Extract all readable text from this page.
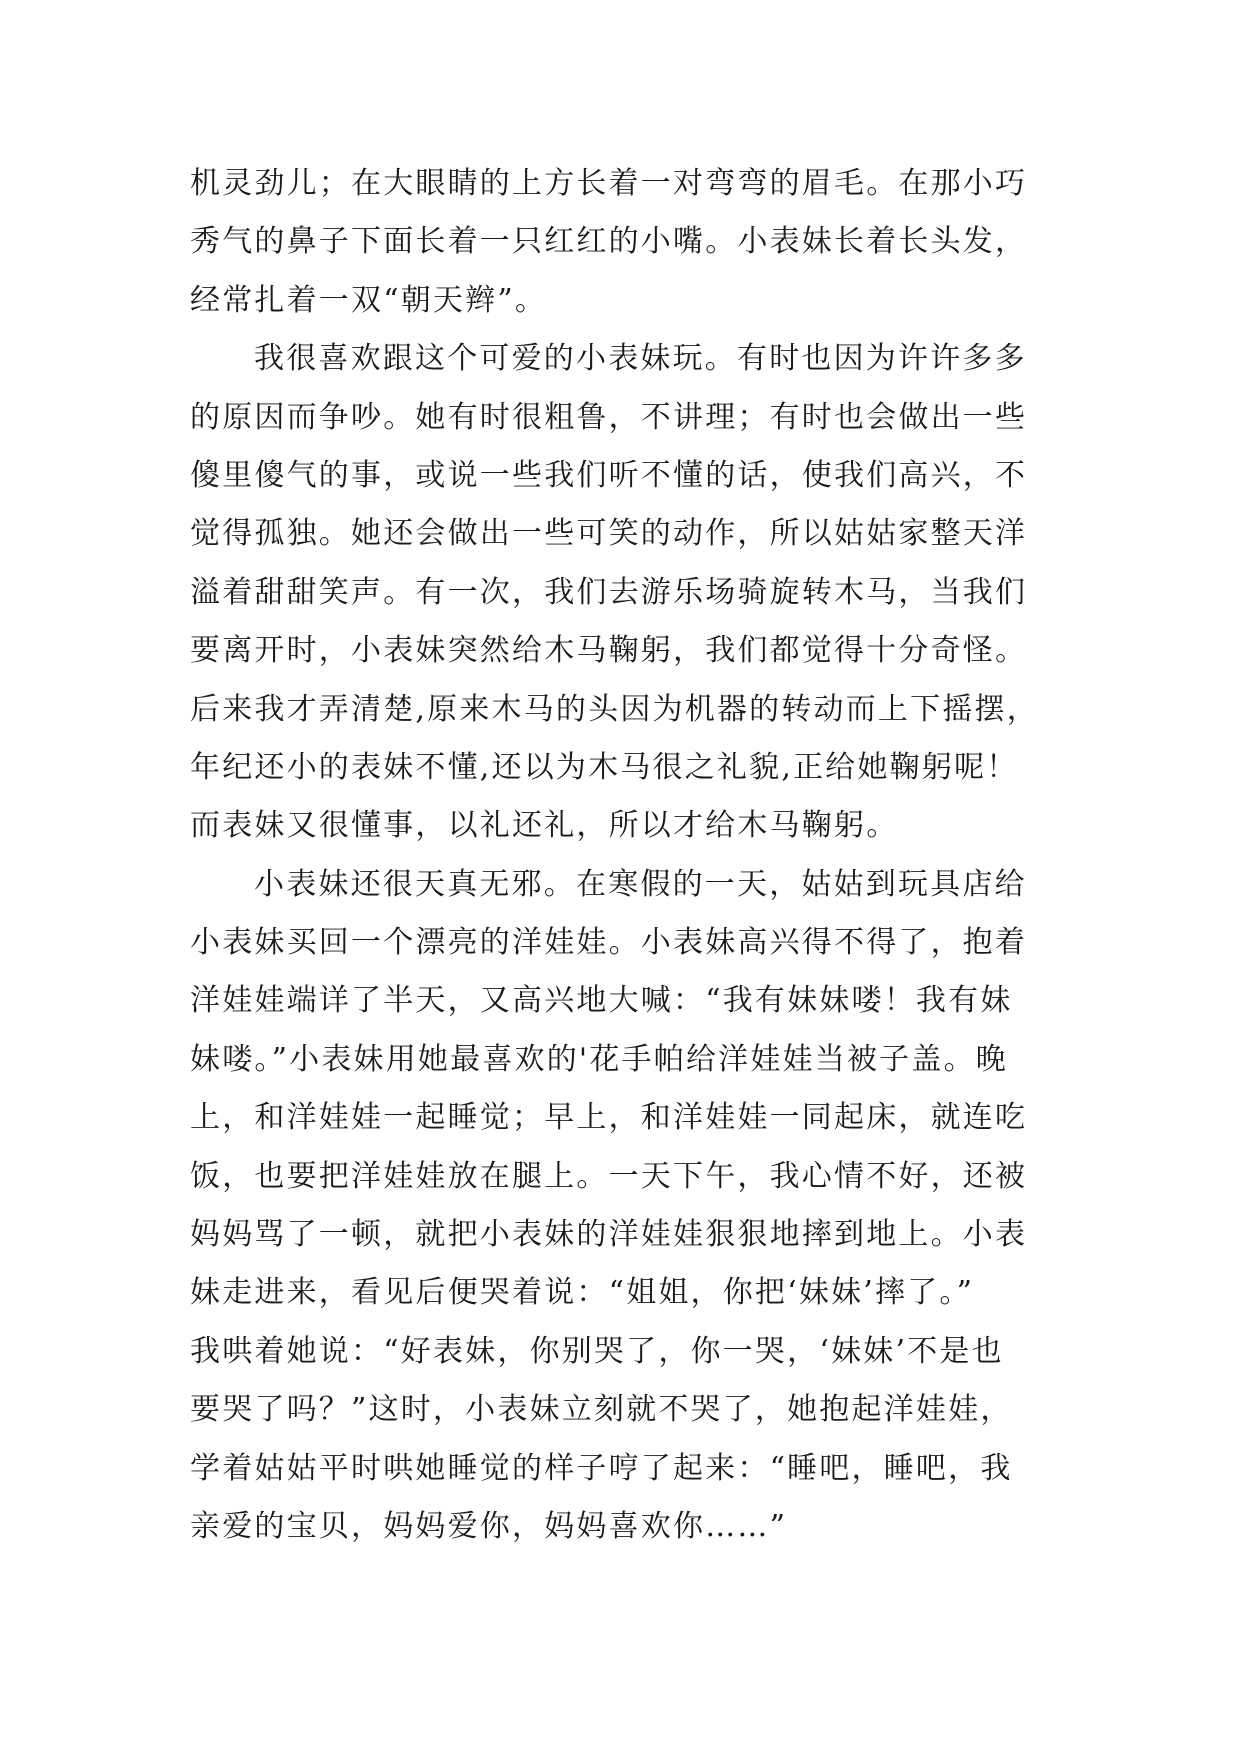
机灵劲儿；在大眼睛的上方长着一对弯弯的眉毛。在那小巧
秀气的鼻子下面长着一只红红的小嘴。小表妹长着长头发，
经常扎着一双“朝天辫”。
我很喜欢跟这个可爱的小表妹玩。有时也因为许许多多
的原因而争吵。她有时很粗鲁，不讲理；有时也会做出一些
傻里傻气的事，或说一些我们听不懂的话，使我们高兴，不
觉得孤独。她还会做出一些可笑的动作，所以姑姑家整天洋
溢着甜甜笑声。有一次，我们去游乐场骑旋转木马，当我们
要离开时，小表妹突然给木马鞠躬，我们都觉得十分奇怪。
后来我才弄清楚,原来木马的头因为机器的转动而上下摇摆，
年纪还小的表妹不懂,还以为木马很之礼貌,正给她鞠躬呢！
而表妹又很懂事，以礼还礼，所以才给木马鞠躬。
小表妹还很天真无邪。在寒假的一天，姑姑到玩具店给
小表妹买回一个漂亮的洋娃娃。小表妹高兴得不得了，抱着
洋娃娃端详了半天，又高兴地大喊：“我有妹妹喽！我有妹
妹喽。”小表妹用她最喜欢的'花手帕给洋娃娃当被子盖。晚
上，和洋娃娃一起睡觉；早上，和洋娃娃一同起床，就连吃
饭，也要把洋娃娃放在腿上。一天下午，我心情不好，还被
妈妈骂了一顿，就把小表妹的洋娃娃狠狠地摔到地上。小表
妹走进来，看见后便哭着说：“姐姐，你把‘妹妹’摔了。”
我哄着她说：“好表妹，你别哭了，你一哭，‘妹妹’不是也
要哭了吗？”这时，小表妹立刻就不哭了，她抱起洋娃娃，
学着姑姑平时哄她睡觉的样子哼了起来：“睡吧，睡吧，我
亲爱的宝贝，妈妈爱你，妈妈喜欢你……”
